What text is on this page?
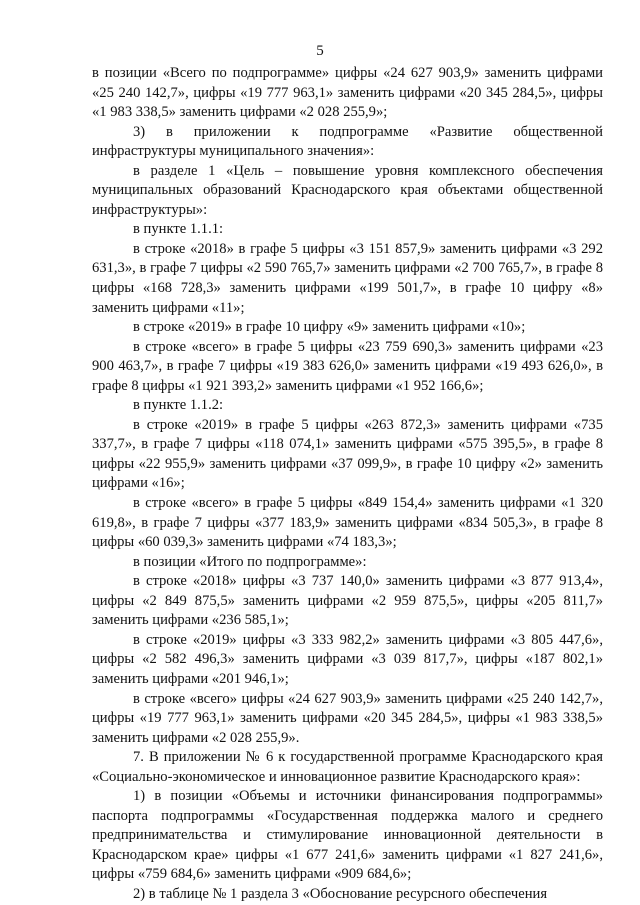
5

в позиции «Всего по подпрограмме» цифры «24 627 903,9» заменить цифрами «25 240 142,7», цифры «19 777 963,1» заменить цифрами «20 345 284,5», цифры «1 983 338,5» заменить цифрами «2 028 255,9»;

3) в приложении к подпрограмме «Развитие общественной инфраструктуры муниципального значения»:

в разделе 1 «Цель – повышение уровня комплексного обеспечения муниципальных образований Краснодарского края объектами общественной инфраструктуры»:

в пункте 1.1.1:

в строке «2018» в графе 5 цифры «3 151 857,9» заменить цифрами «3 292 631,3», в графе 7 цифры «2 590 765,7» заменить цифрами «2 700 765,7», в графе 8 цифры «168 728,3» заменить цифрами «199 501,7», в графе 10 цифру «8» заменить цифрами «11»;

в строке «2019» в графе 10 цифру «9» заменить цифрами «10»;

в строке «всего» в графе 5 цифры «23 759 690,3» заменить цифрами «23 900 463,7», в графе 7 цифры «19 383 626,0» заменить цифрами «19 493 626,0», в графе 8 цифры «1 921 393,2» заменить цифрами «1 952 166,6»;

в пункте 1.1.2:

в строке «2019» в графе 5 цифры «263 872,3» заменить цифрами «735 337,7», в графе 7 цифры «118 074,1» заменить цифрами «575 395,5», в графе 8 цифры «22 955,9» заменить цифрами «37 099,9», в графе 10 цифру «2» заменить цифрами «16»;

в строке «всего» в графе 5 цифры «849 154,4» заменить цифрами «1 320 619,8», в графе 7 цифры «377 183,9» заменить цифрами «834 505,3», в графе 8 цифры «60 039,3» заменить цифрами «74 183,3»;

в позиции «Итого по подпрограмме»:

в строке «2018» цифры «3 737 140,0» заменить цифрами «3 877 913,4», цифры «2 849 875,5» заменить цифрами «2 959 875,5», цифры «205 811,7» заменить цифрами «236 585,1»;

в строке «2019» цифры «3 333 982,2» заменить цифрами «3 805 447,6», цифры «2 582 496,3» заменить цифрами «3 039 817,7», цифры «187 802,1» заменить цифрами «201 946,1»;

в строке «всего» цифры «24 627 903,9» заменить цифрами «25 240 142,7», цифры «19 777 963,1» заменить цифрами «20 345 284,5», цифры «1 983 338,5» заменить цифрами «2 028 255,9».

7. В приложении № 6 к государственной программе Краснодарского края «Социально-экономическое и инновационное развитие Краснодарского края»:

1) в позиции «Объемы и источники финансирования подпрограммы» паспорта подпрограммы «Государственная поддержка малого и среднего предпринимательства и стимулирование инновационной деятельности в Краснодарском крае» цифры «1 677 241,6» заменить цифрами «1 827 241,6», цифры «759 684,6» заменить цифрами «909 684,6»;

2) в таблице № 1 раздела 3 «Обоснование ресурсного обеспечения
